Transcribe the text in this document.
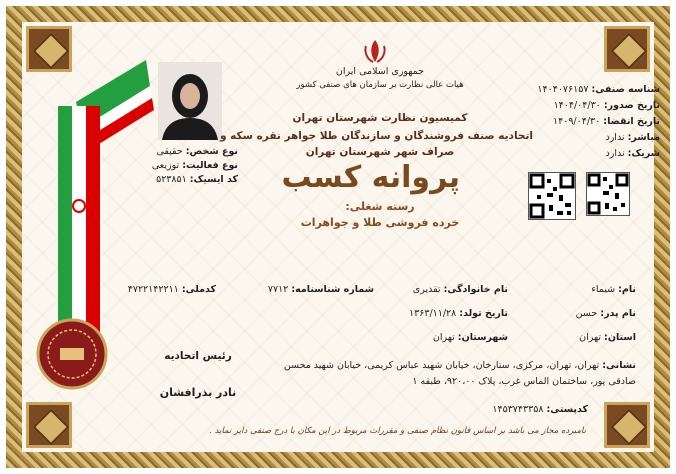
جمهوری اسلامی ایران
هیات عالی نظارت بر سازمان های صنفی کشور
کمیسیون نظارت شهرستان تهران
اتحادیه صنف فروشندگان و سازندگان طلا جواهر نقره سکه و
صراف شهر شهرستان تهران
پروانه کسب
رسته شغلی:
خرده فروشی طلا و جواهرات
شناسه صنفی: ۱۴۰۴۰۷۶۱۵۷
تاریخ صدور: ۱۴۰۴/۰۴/۳۰
تاریخ انقضا: ۱۴۰۹/۰۴/۳۰
مباشر: ندارد
شریک: ندارد
نوع شخص: حقیقی
نوع فعالیت: توزیعی
کد ایسیک: ۵۲۳۸۵۱
نام: شیماء
نام خانوادگی: تقدیری
شماره شناسنامه: ۷۷۱۲
کدملی: ۴۷۲۲۱۴۲۲۱۱
نام پدر: حسن
تاریخ تولد: ۱۳۶۳/۱۱/۲۸
استان: تهران
شهرستان: تهران
نشانی: تهران، تهران، مرکزی، ستارخان، خیابان شهید عباس کریمی، خیابان شهید محسن
صادقی پور، ساختمان الماس غرب، پلاک ۹۲۰،۰۰، طبقه ۱
کدپستی: ۱۴۵۳۷۴۳۳۵۸
رئیس اتحادیه
نادر بذرافشان
نامبرده مجاز می باشد بر اساس قانون نظام صنفی و مقررات مربوط در این مکان با درج صنفی دایر نماید .
